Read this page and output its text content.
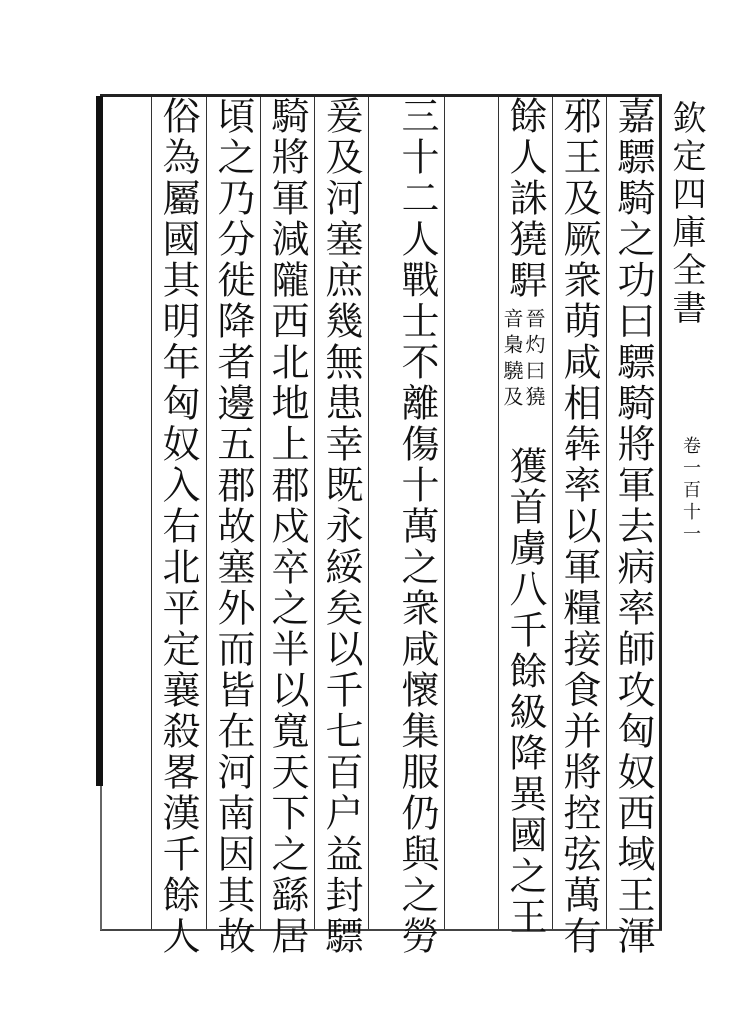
欽定四庫全書
卷一百十一
嘉驃騎之功曰驃騎將軍去病率師攻匈奴西域王渾
邪王及厥衆萌咸相犇率以軍糧接食并將控弦萬有
餘人誅獟駻
晉灼曰獟
音梟驍及
獲首虜八千餘級降異國之王
三十二人戰士不離傷十萬之衆咸懷集服仍與之勞
爰及河塞庶幾無患幸既永綏矣以千七百户益封驃
騎將軍減隴西北地上郡戍卒之半以寬天下之繇居
頃之乃分徙降者邊五郡故塞外而皆在河南因其故
俗為屬國其明年匈奴入右北平定襄殺畧漢千餘人
